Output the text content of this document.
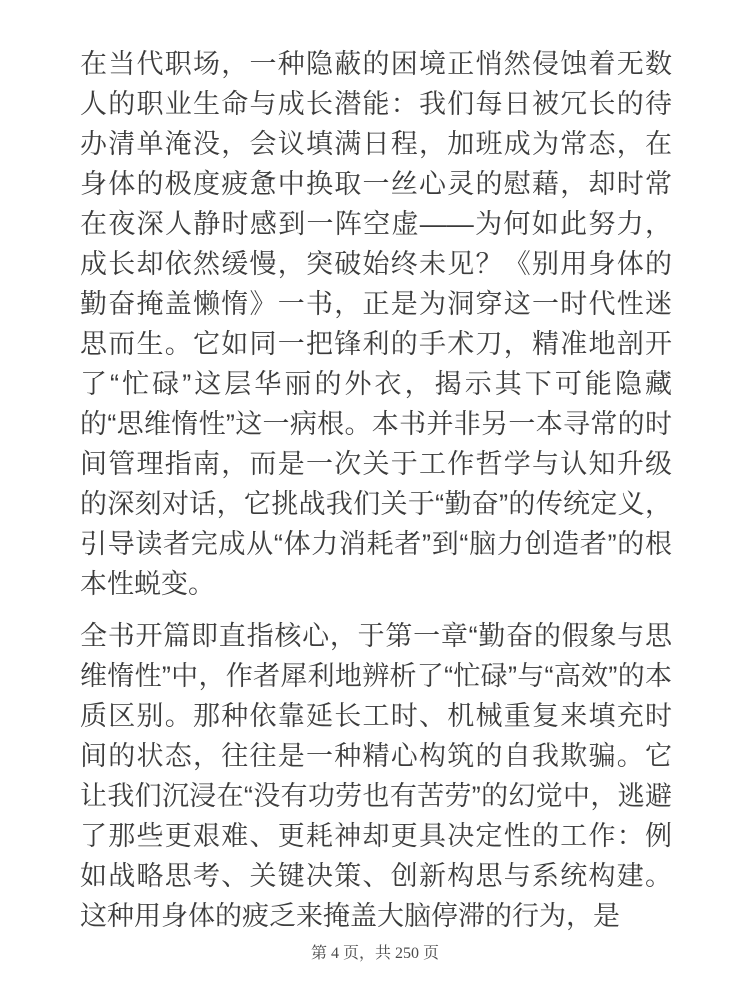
在当代职场，一种隐蔽的困境正悄然侵蚀着无数人的职业生命与成长潜能：我们每日被冗长的待办清单淹没，会议填满日程，加班成为常态，在身体的极度疲惫中换取一丝心灵的慰藉，却时常在夜深人静时感到一阵空虚——为何如此努力，成长却依然缓慢，突破始终未见？《别用身体的勤奋掩盖懒惰》一书，正是为洞穿这一时代性迷思而生。它如同一把锋利的手术刀，精准地剖开了“忙碌”这层华丽的外衣，揭示其下可能隐藏的“思维惰性”这一病根。本书并非另一本寻常的时间管理指南，而是一次关于工作哲学与认知升级的深刻对话，它挑战我们关于“勤奋”的传统定义，引导读者完成从“体力消耗者”到“脑力创造者”的根本性蜕变。

全书开篇即直指核心，于第一章“勤奋的假象与思维惰性”中，作者犀利地辨析了“忙碌”与“高效”的本质区别。那种依靠延长工时、机械重复来填充时间的状态，往往是一种精心构筑的自我欺骗。它让我们沉浸在“没有功劳也有苦劳”的幻觉中，逃避了那些更艰难、更耗神却更具决定性的工作：例如战略思考、关键决策、创新构思与系统构建。这种用身体的疲乏来掩盖大脑停滞的行为，是

第 4 页，共 250 页
